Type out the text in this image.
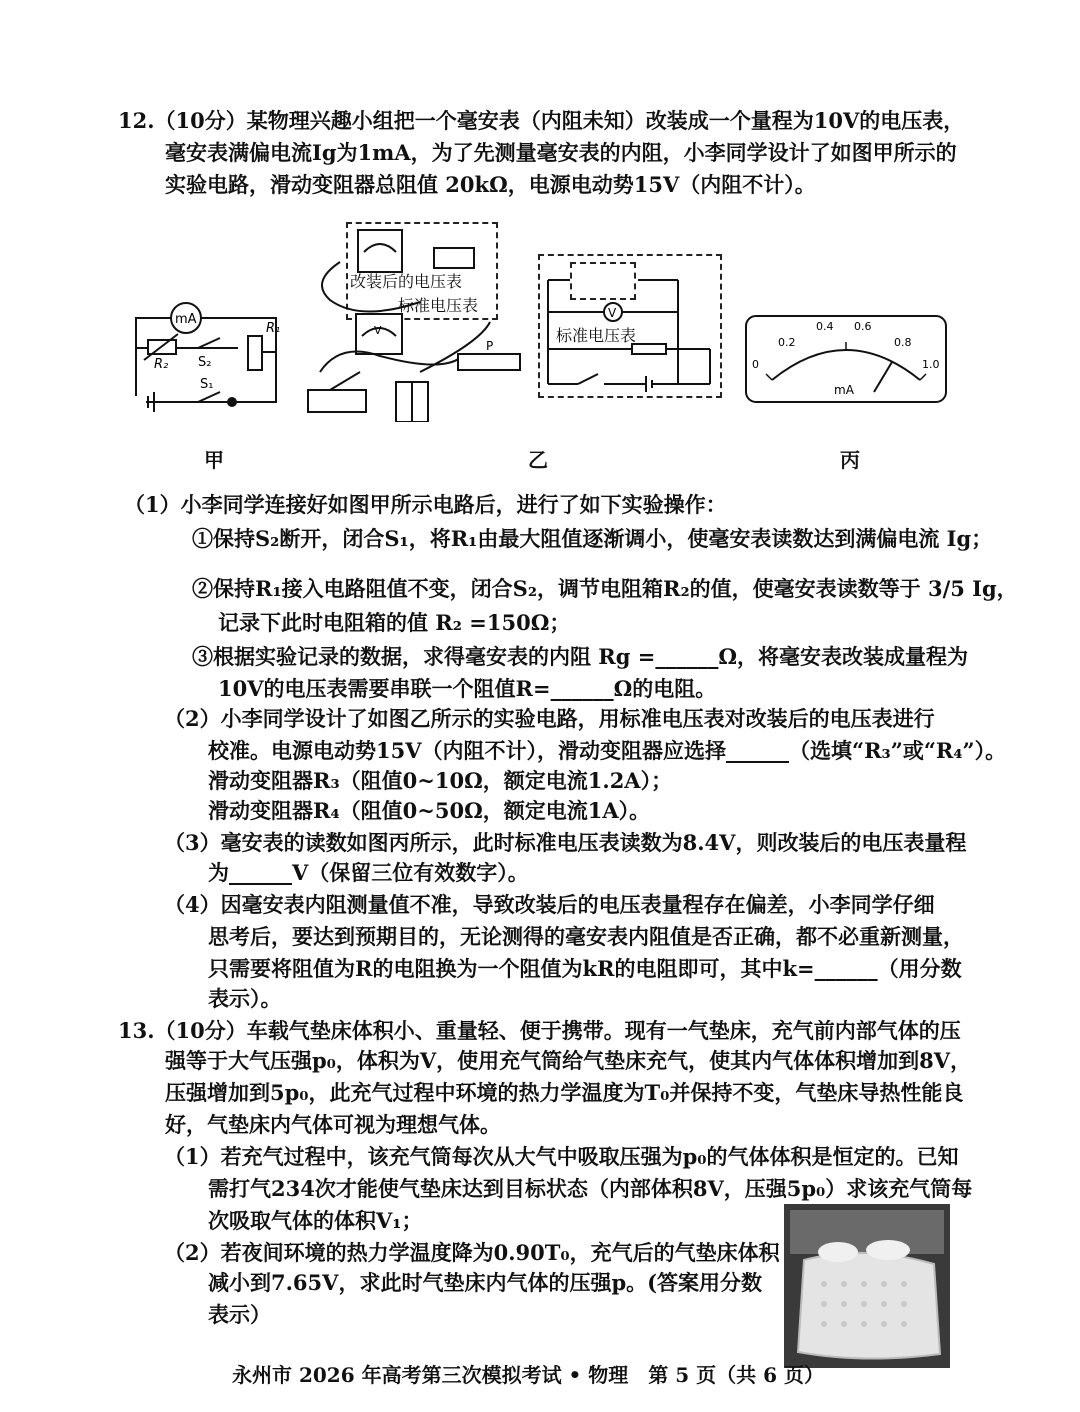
12.（10分）某物理兴趣小组把一个毫安表（内阻未知）改装成一个量程为10V的电压表，
毫安表满偏电流Ig为1mA，为了先测量毫安表的内阻，小李同学设计了如图甲所示的
实验电路，滑动变阻器总阻值 20kΩ，电源电动势15V（内阻不计）。
mA
R₂ S₂
R₁
S₁
甲
P
V
改装后的电压表
标准电压表	V
标准电压表
乙
0
0.2
0.4 0.6
0.8
1.0
mA
丙
（1）小李同学连接好如图甲所示电路后，进行了如下实验操作：
①保持S₂断开，闭合S₁，将R₁由最大阻值逐渐调小，使毫安表读数达到满偏电流 Ig；
②保持R₁接入电路阻值不变，闭合S₂，调节电阻箱R₂的值，使毫安表读数等于 3/5 Ig，
记录下此时电阻箱的值 R₂ =150Ω；
③根据实验记录的数据，求得毫安表的内阻 Rg =______Ω，将毫安表改装成量程为
10V的电压表需要串联一个阻值R=______Ω的电阻。
（2）小李同学设计了如图乙所示的实验电路，用标准电压表对改装后的电压表进行
校准。电源电动势15V（内阻不计），滑动变阻器应选择______（选填“R₃”或“R₄”）。
滑动变阻器R₃（阻值0~10Ω，额定电流1.2A）；
滑动变阻器R₄（阻值0~50Ω，额定电流1A）。
（3）毫安表的读数如图丙所示，此时标准电压表读数为8.4V，则改装后的电压表量程
为______V（保留三位有效数字）。
（4）因毫安表内阻测量值不准，导致改装后的电压表量程存在偏差，小李同学仔细
思考后，要达到预期目的，无论测得的毫安表内阻值是否正确，都不必重新测量，
只需要将阻值为R的电阻换为一个阻值为kR的电阻即可，其中k=______（用分数
表示）。
13.（10分）车载气垫床体积小、重量轻、便于携带。现有一气垫床，充气前内部气体的压
强等于大气压强p₀，体积为V，使用充气筒给气垫床充气，使其内气体体积增加到8V，
压强增加到5p₀，此充气过程中环境的热力学温度为T₀并保持不变，气垫床导热性能良
好，气垫床内气体可视为理想气体。
（1）若充气过程中，该充气筒每次从大气中吸取压强为p₀的气体体积是恒定的。已知
需打气234次才能使气垫床达到目标状态（内部体积8V，压强5p₀）求该充气筒每
次吸取气体的体积V₁；
（2）若夜间环境的热力学温度降为0.90T₀，充气后的气垫床体积
减小到7.65V，求此时气垫床内气体的压强p。(答案用分数
表示）
永州市 2026 年高考第三次模拟考试 • 物理　第 5 页（共 6 页）
